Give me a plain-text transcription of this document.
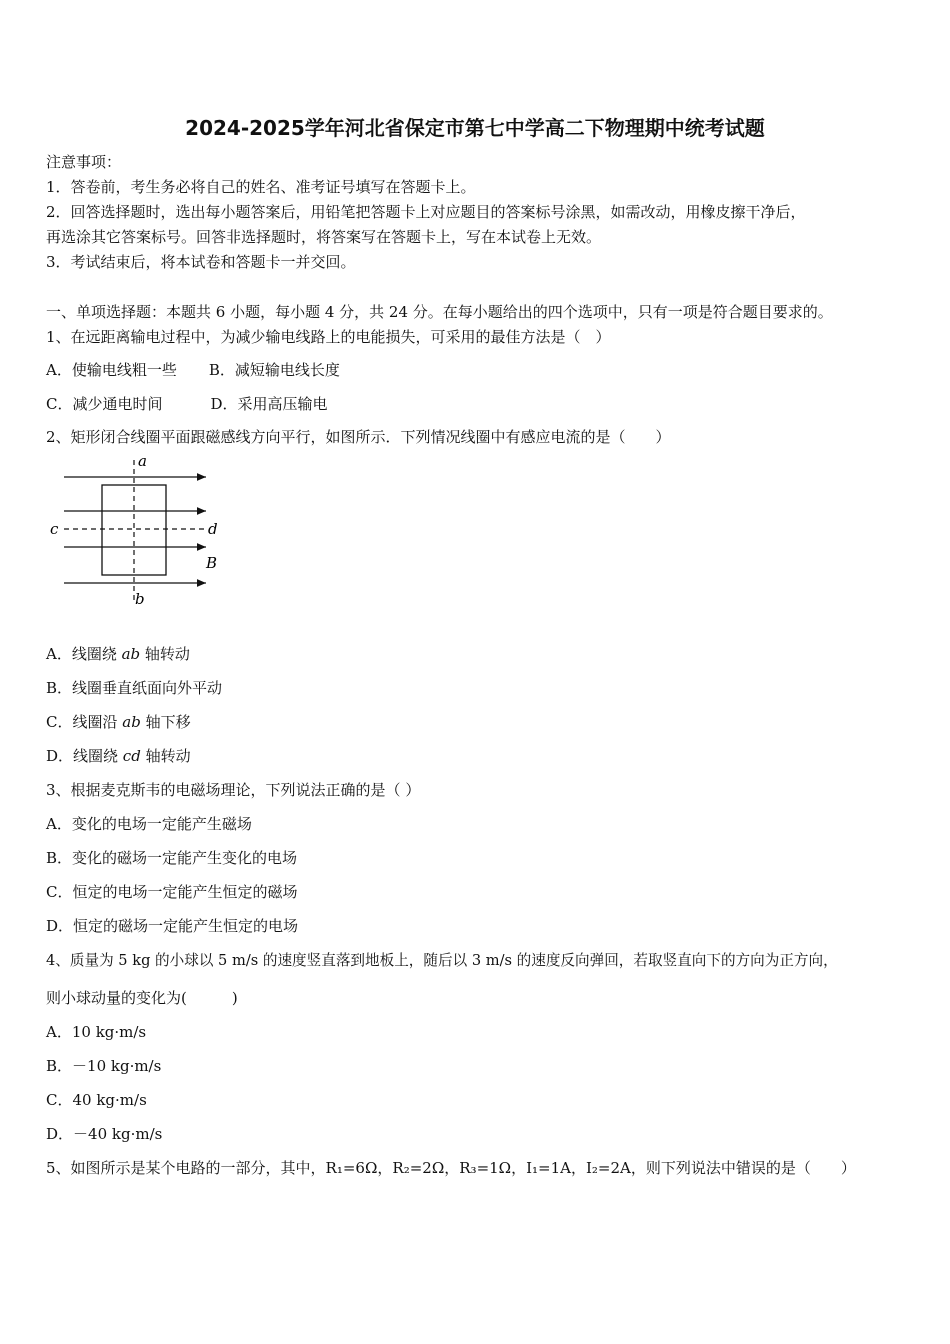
2024-2025学年河北省保定市第七中学高二下物理期中统考试题
注意事项：
1．答卷前，考生务必将自己的姓名、准考证号填写在答题卡上。
2．回答选择题时，选出每小题答案后，用铅笔把答题卡上对应题目的答案标号涂黑，如需改动，用橡皮擦干净后，
再选涂其它答案标号。回答非选择题时，将答案写在答题卡上，写在本试卷上无效。
3．考试结束后，将本试卷和答题卡一并交回。
一、单项选择题：本题共 6 小题，每小题 4 分，共 24 分。在每小题给出的四个选项中，只有一项是符合题目要求的。
1、在远距离输电过程中，为减少输电线路上的电能损失，可采用的最佳方法是（　）
A．使输电线粗一些 B．减短输电线长度
C．减少通电时间	D．采用高压输电
2、矩形闭合线圈平面跟磁感线方向平行，如图所示．下列情况线圈中有感应电流的是（　　）
a
b
c	d
B
A．线圈绕 ab 轴转动
B．线圈垂直纸面向外平动
C．线圈沿 ab 轴下移
D．线圈绕 cd 轴转动
3、根据麦克斯韦的电磁场理论，下列说法正确的是（ ）
A．变化的电场一定能产生磁场
B．变化的磁场一定能产生变化的电场
C．恒定的电场一定能产生恒定的磁场
D．恒定的磁场一定能产生恒定的电场
4、质量为 5 kg 的小球以 5 m/s 的速度竖直落到地板上，随后以 3 m/s 的速度反向弹回，若取竖直向下的方向为正方向，
则小球动量的变化为(　　　)
A．10 kg·m/s
B．－10 kg·m/s
C．40 kg·m/s
D．－40 kg·m/s
5、如图所示是某个电路的一部分，其中，R₁=6Ω，R₂=2Ω，R₃=1Ω，I₁=1A，I₂=2A，则下列说法中错误的是（　　）
